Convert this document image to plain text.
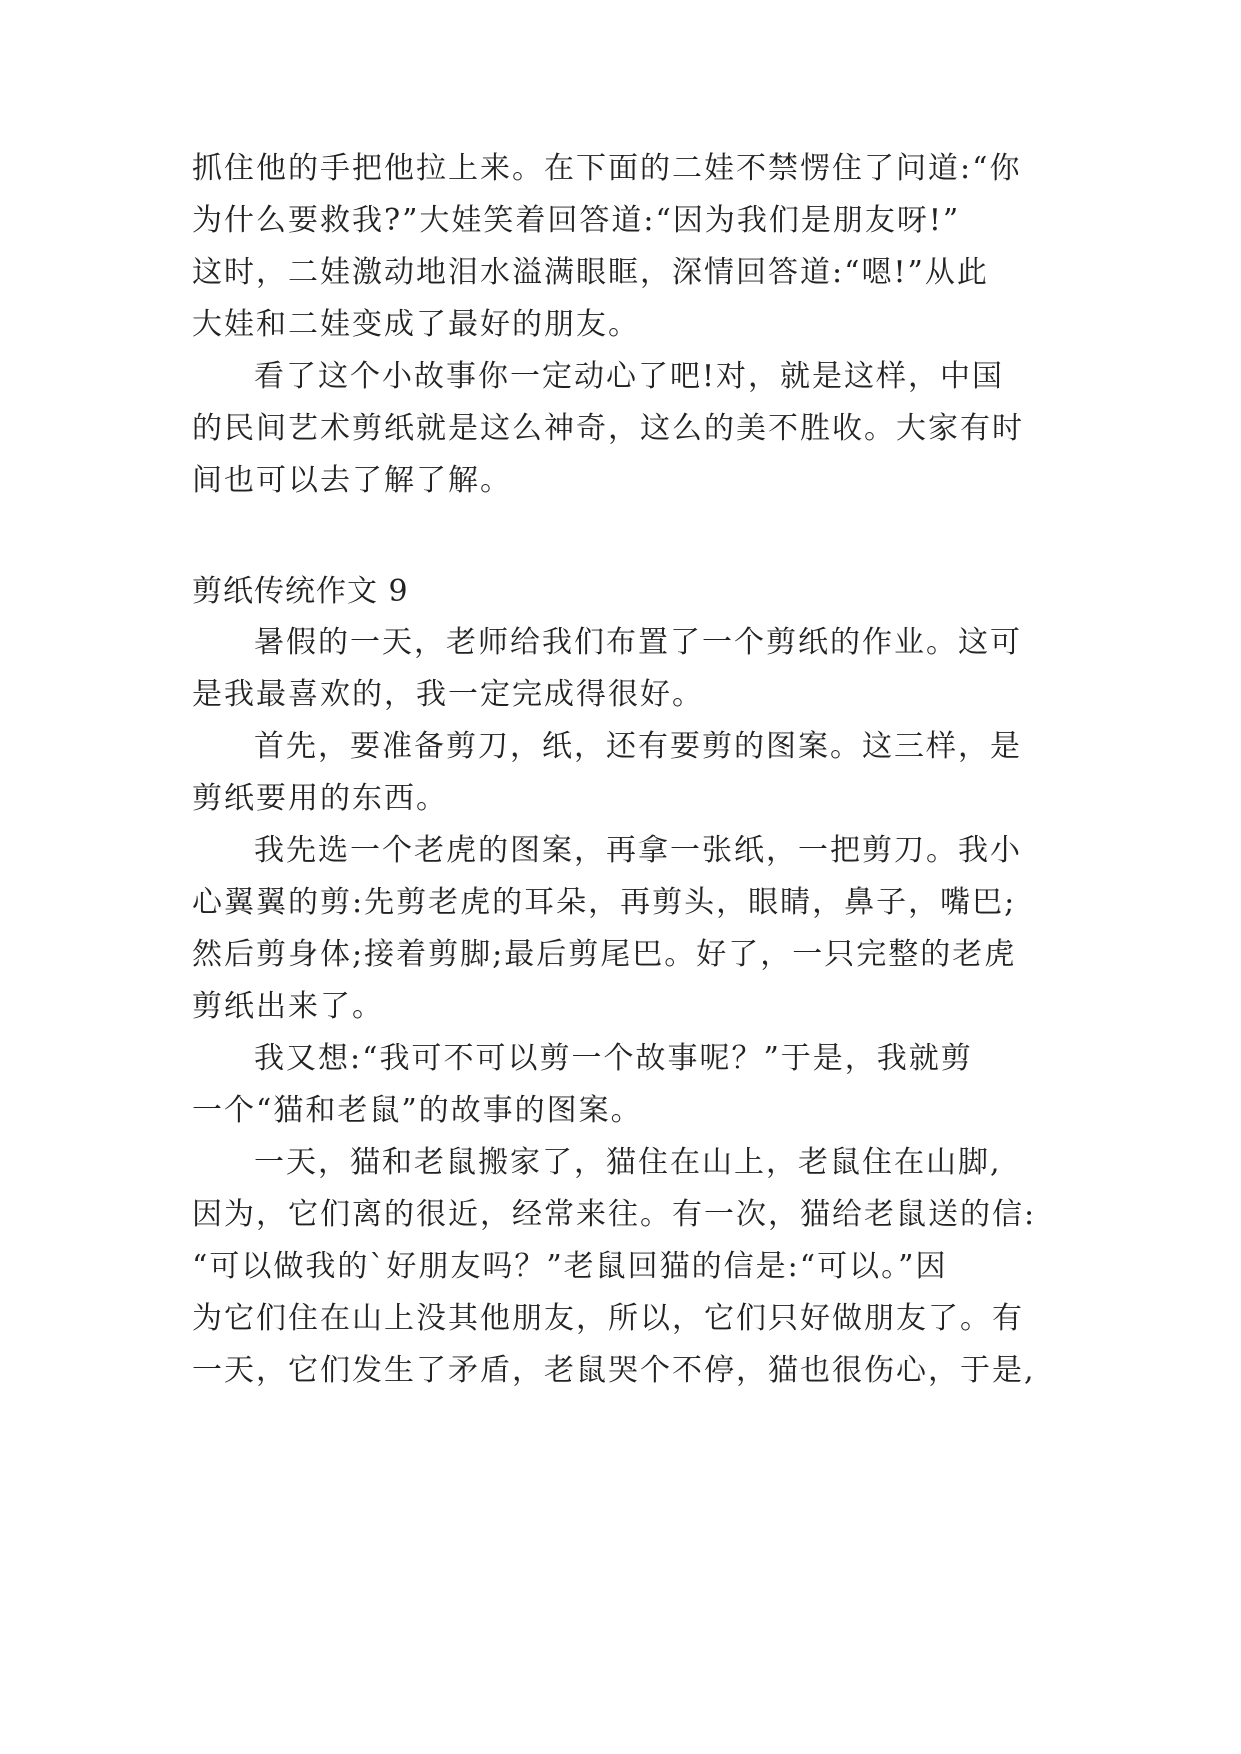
抓住他的手把他拉上来。在下面的二娃不禁愣住了问道:“你
为什么要救我?”大娃笑着回答道:“因为我们是朋友呀!”
这时，二娃激动地泪水溢满眼眶，深情回答道:“嗯!”从此
大娃和二娃变成了最好的朋友。
看了这个小故事你一定动心了吧!对，就是这样，中国
的民间艺术剪纸就是这么神奇，这么的美不胜收。大家有时
间也可以去了解了解。
剪纸传统作文 9
暑假的一天，老师给我们布置了一个剪纸的作业。这可
是我最喜欢的，我一定完成得很好。
首先，要准备剪刀，纸，还有要剪的图案。这三样，是
剪纸要用的东西。
我先选一个老虎的图案，再拿一张纸，一把剪刀。我小
心翼翼的剪:先剪老虎的耳朵，再剪头，眼睛，鼻子，嘴巴;
然后剪身体;接着剪脚;最后剪尾巴。好了，一只完整的老虎
剪纸出来了。
我又想:“我可不可以剪一个故事呢？”于是，我就剪
一个“猫和老鼠”的故事的图案。
一天，猫和老鼠搬家了，猫住在山上，老鼠住在山脚,
因为，它们离的很近，经常来往。有一次，猫给老鼠送的信:
“可以做我的`好朋友吗？”老鼠回猫的信是:“可以。”因
为它们住在山上没其他朋友，所以，它们只好做朋友了。有
一天，它们发生了矛盾，老鼠哭个不停，猫也很伤心，于是,
